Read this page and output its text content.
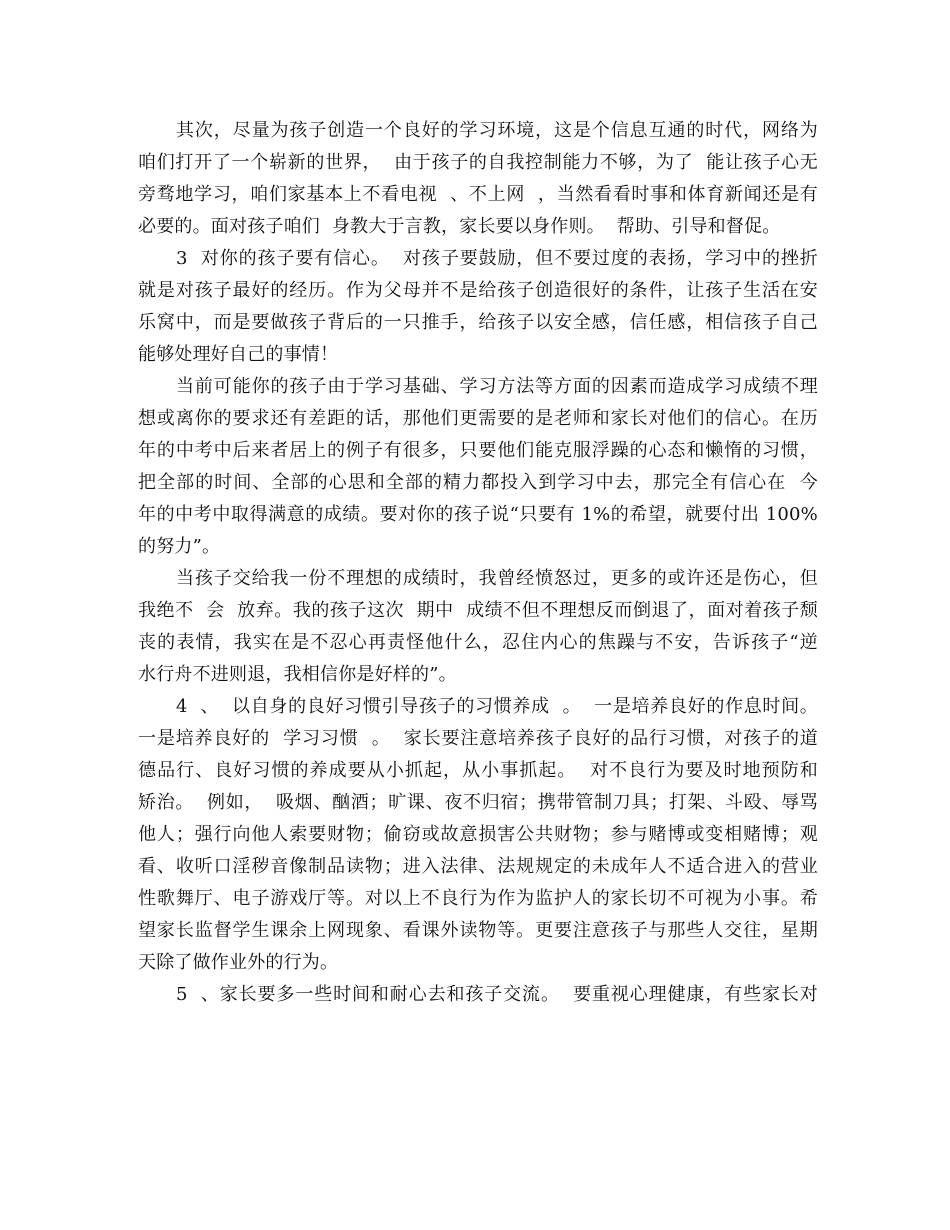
其次，尽量为孩子创造一个良好的学习环境，这是个信息互通的时代，网络为

咱们打开了一个崭新的世界，  由于孩子的自我控制能力不够，为了  能让孩子心无

旁骛地学习，咱们家基本上不看电视  、不上网  ，当然看看时事和体育新闻还是有

必要的。面对孩子咱们  身教大于言教，家长要以身作则。  帮助、引导和督促。

3  对你的孩子要有信心。  对孩子要鼓励，但不要过度的表扬，学习中的挫折

就是对孩子最好的经历。作为父母并不是给孩子创造很好的条件，让孩子生活在安

乐窝中，而是要做孩子背后的一只推手，给孩子以安全感，信任感，相信孩子自己

能够处理好自己的事情！

当前可能你的孩子由于学习基础、学习方法等方面的因素而造成学习成绩不理

想或离你的要求还有差距的话，那他们更需要的是老师和家长对他们的信心。在历

年的中考中后来者居上的例子有很多，只要他们能克服浮躁的心态和懒惰的习惯，

把全部的时间、全部的心思和全部的精力都投入到学习中去，那完全有信心在  今

年的中考中取得满意的成绩。要对你的孩子说“只要有 1%的希望，就要付出 100%

的努力”。

当孩子交给我一份不理想的成绩时，我曾经愤怒过，更多的或许还是伤心，但

我绝不  会  放弃。我的孩子这次  期中  成绩不但不理想反而倒退了，面对着孩子颓

丧的表情，我实在是不忍心再责怪他什么，忍住内心的焦躁与不安，告诉孩子“逆

水行舟不进则退，我相信你是好样的”。

4  、  以自身的良好习惯引导孩子的习惯养成  。  一是培养良好的作息时间。

一是培养良好的  学习习惯  。  家长要注意培养孩子良好的品行习惯，对孩子的道

德品行、良好习惯的养成要从小抓起，从小事抓起。  对不良行为要及时地预防和

矫治。  例如，  吸烟、酗酒；旷课、夜不归宿；携带管制刀具；打架、斗殴、辱骂

他人；强行向他人索要财物；偷窃或故意损害公共财物；参与赌博或变相赌博；观

看、收听口淫秽音像制品读物；进入法律、法规规定的未成年人不适合进入的营业

性歌舞厅、电子游戏厅等。对以上不良行为作为监护人的家长切不可视为小事。希

望家长监督学生课余上网现象、看课外读物等。更要注意孩子与那些人交往，星期

天除了做作业外的行为。

5  、家长要多一些时间和耐心去和孩子交流。  要重视心理健康，有些家长对
